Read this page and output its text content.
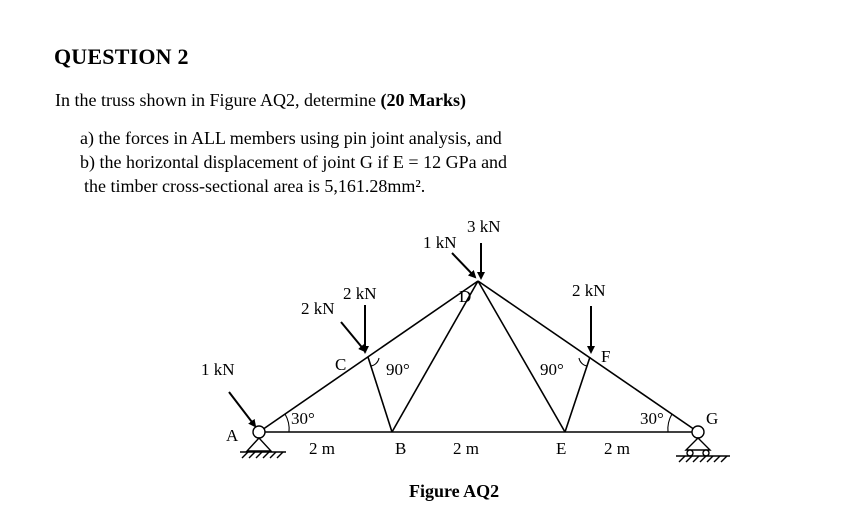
QUESTION 2
In the truss shown in Figure AQ2, determine (20 Marks)
a) the forces in ALL members using pin joint analysis, and
b) the horizontal displacement of joint G if E = 12 GPa and
the timber cross-sectional area is 5,161.28mm².
A
B
C
D
E
F
G
1 kN
2 kN
2 kN
1 kN
3 kN
2 kN
2 m	2 m	2 m
30°	30°
90°	90°
Figure AQ2
